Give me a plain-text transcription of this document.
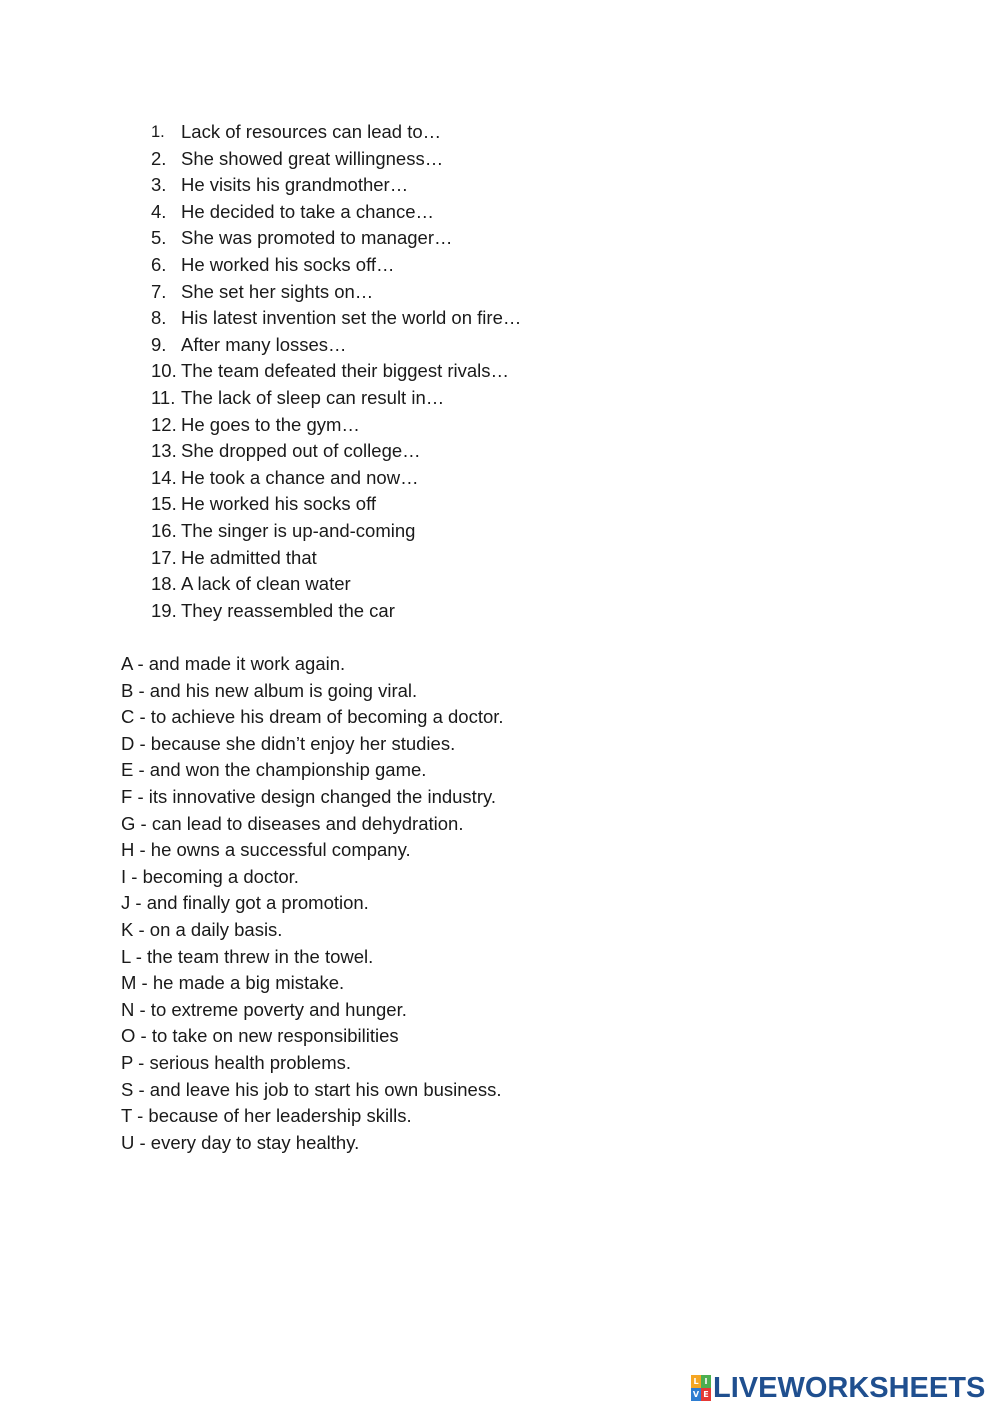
1. Lack of resources can lead to…
2. She showed great willingness…
3. He visits his grandmother…
4. He decided to take a chance…
5. She was promoted to manager…
6. He worked his socks off…
7. She set her sights on…
8. His latest invention set the world on fire…
9. After many losses…
10. The team defeated their biggest rivals…
11. The lack of sleep can result in…
12. He goes to the gym…
13. She dropped out of college…
14. He took a chance and now…
15. He worked his socks off
16. The singer is up-and-coming
17. He admitted that
18. A lack of clean water
19. They reassembled the car
A - and made it work again.
B - and his new album is going viral.
C - to achieve his dream of becoming a doctor.
D - because she didn’t enjoy her studies.
E - and won the championship game.
F - its innovative design changed the industry.
G - can lead to diseases and dehydration.
H - he owns a successful company.
I - becoming a doctor.
J - and finally got a promotion.
K - on a daily basis.
L - the team threw in the towel.
M - he made a big mistake.
N - to extreme poverty and hunger.
O - to take on new responsibilities
P - serious health problems.
S - and leave his job to start his own business.
T - because of her leadership skills.
U - every day to stay healthy.
L I
V E LIVEWORKSHEETS
